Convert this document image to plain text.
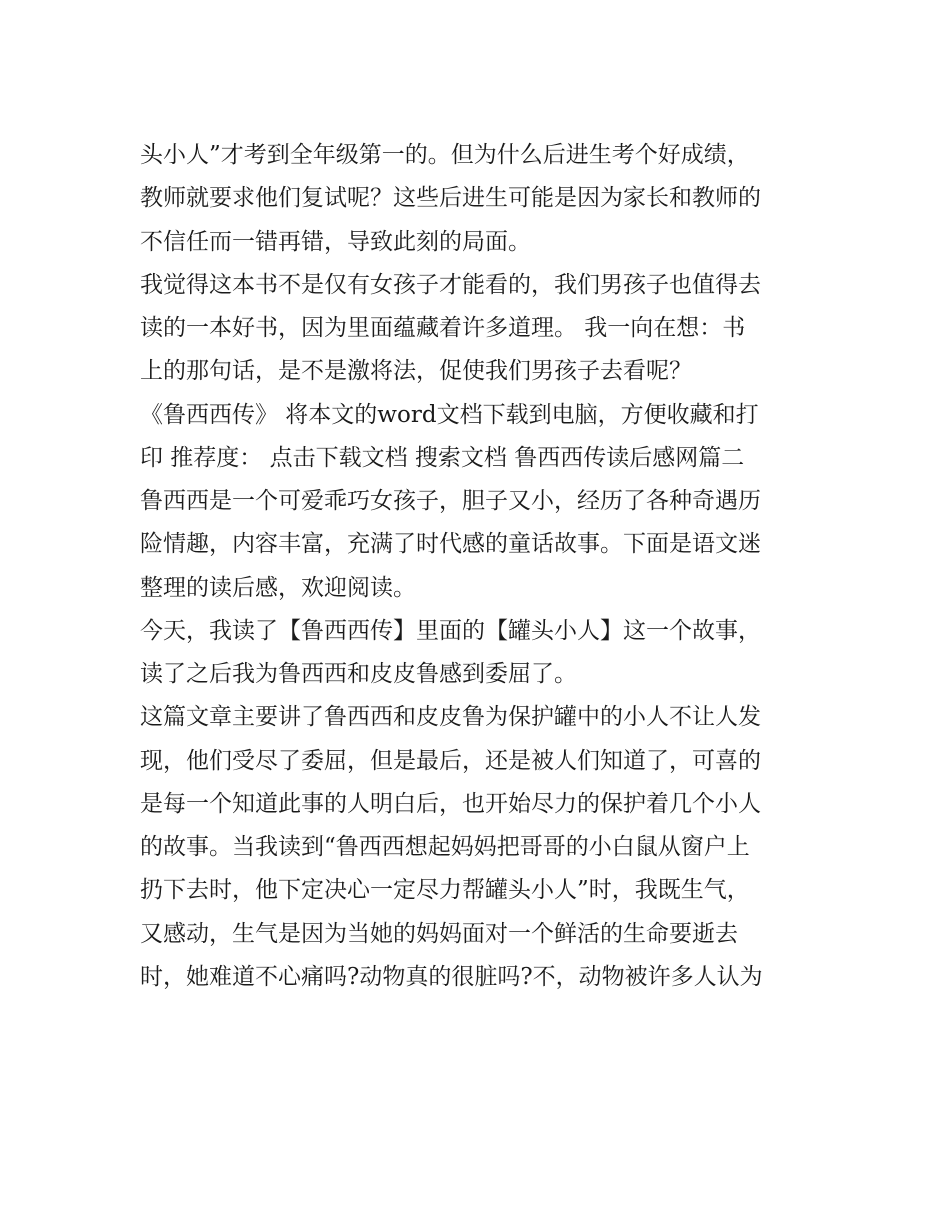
头小人”才考到全年级第一的。但为什么后进生考个好成绩，
教师就要求他们复试呢？这些后进生可能是因为家长和教师的
不信任而一错再错，导致此刻的局面。
我觉得这本书不是仅有女孩子才能看的，我们男孩子也值得去
读的一本好书，因为里面蕴藏着许多道理。 我一向在想：书
上的那句话，是不是激将法，促使我们男孩子去看呢？
《鲁西西传》 将本文的word文档下载到电脑，方便收藏和打
印 推荐度： 点击下载文档 搜索文档 鲁西西传读后感网篇二
鲁西西是一个可爱乖巧女孩子，胆子又小，经历了各种奇遇历
险情趣，内容丰富，充满了时代感的童话故事。下面是语文迷
整理的读后感，欢迎阅读。
今天，我读了【鲁西西传】里面的【罐头小人】这一个故事，
读了之后我为鲁西西和皮皮鲁感到委屈了。
这篇文章主要讲了鲁西西和皮皮鲁为保护罐中的小人不让人发
现，他们受尽了委屈，但是最后，还是被人们知道了，可喜的
是每一个知道此事的人明白后，也开始尽力的保护着几个小人
的故事。当我读到“鲁西西想起妈妈把哥哥的小白鼠从窗户上
扔下去时，他下定决心一定尽力帮罐头小人”时，我既生气，
又感动，生气是因为当她的妈妈面对一个鲜活的生命要逝去
时，她难道不心痛吗?动物真的很脏吗?不，动物被许多人认为
